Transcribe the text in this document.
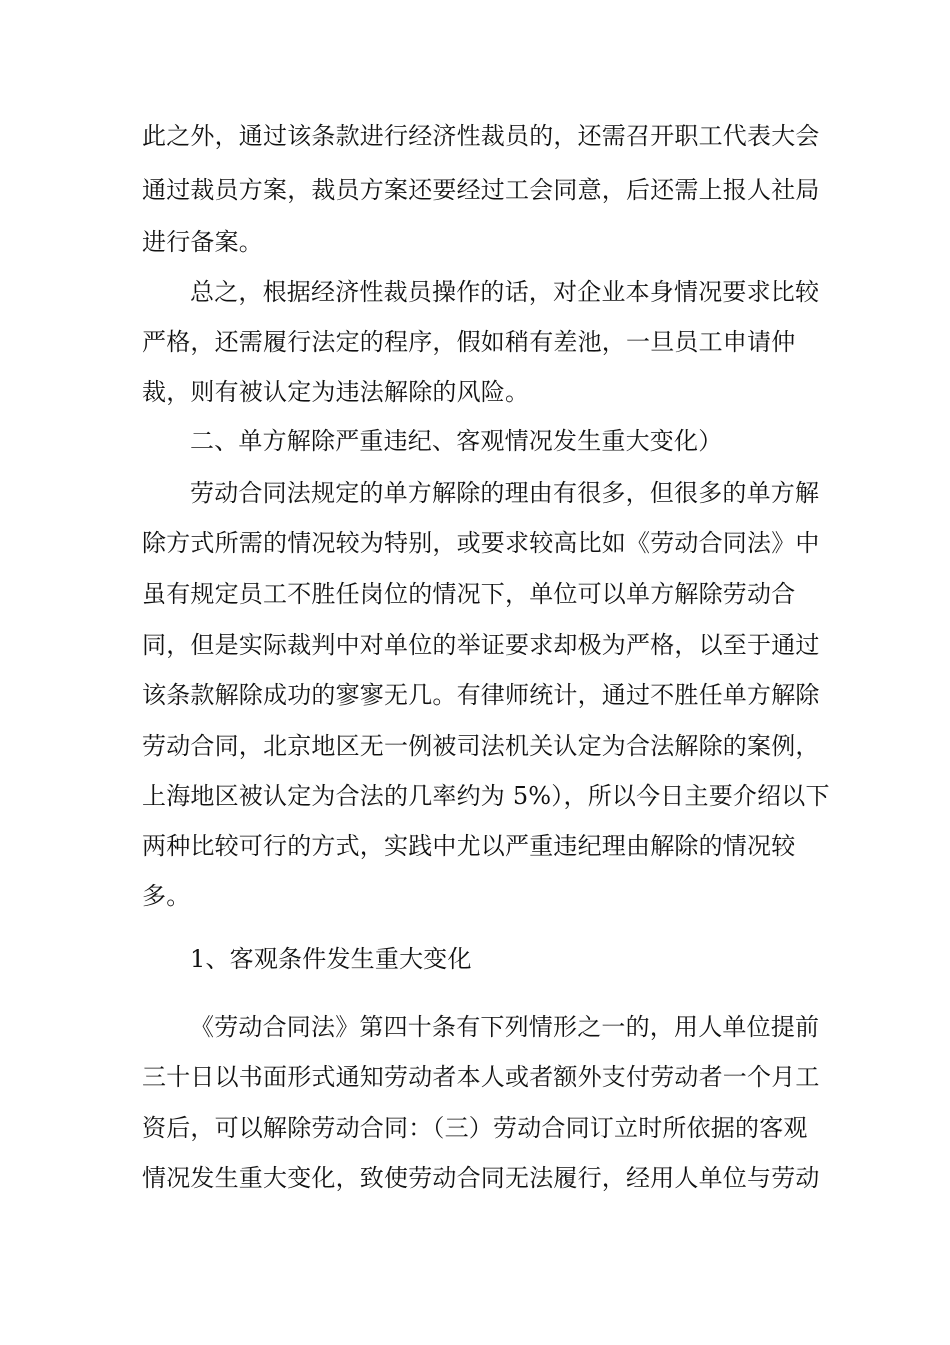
此之外，通过该条款进行经济性裁员的，还需召开职工代表大会
通过裁员方案，裁员方案还要经过工会同意，后还需上报人社局
进行备案。
总之，根据经济性裁员操作的话，对企业本身情况要求比较
严格，还需履行法定的程序，假如稍有差池，一旦员工申请仲
裁，则有被认定为违法解除的风险。
二、单方解除严重违纪、客观情况发生重大变化）
劳动合同法规定的单方解除的理由有很多，但很多的单方解
除方式所需的情况较为特别，或要求较高比如《劳动合同法》中
虽有规定员工不胜任岗位的情况下，单位可以单方解除劳动合
同，但是实际裁判中对单位的举证要求却极为严格，以至于通过
该条款解除成功的寥寥无几。有律师统计，通过不胜任单方解除
劳动合同，北京地区无一例被司法机关认定为合法解除的案例，
上海地区被认定为合法的几率约为 5%），所以今日主要介绍以下
两种比较可行的方式，实践中尤以严重违纪理由解除的情况较
多。
1、客观条件发生重大变化
《劳动合同法》第四十条有下列情形之一的，用人单位提前
三十日以书面形式通知劳动者本人或者额外支付劳动者一个月工
资后，可以解除劳动合同：（三）劳动合同订立时所依据的客观
情况发生重大变化，致使劳动合同无法履行，经用人单位与劳动
